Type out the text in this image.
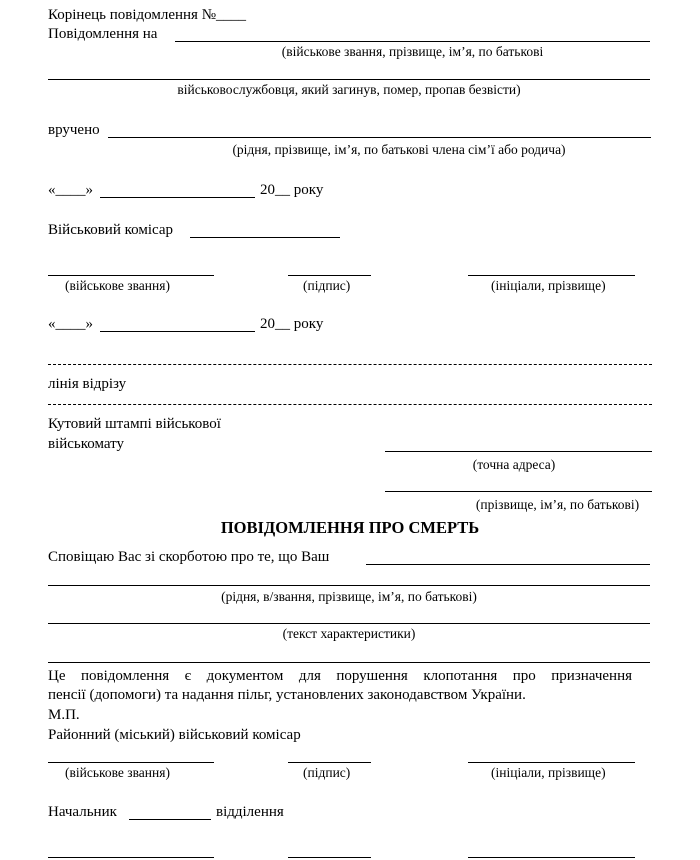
Корінець повідомлення №____
Повідомлення на
(військове звання, прізвище, ім’я, по батькові
військовослужбовця, який загинув, помер, пропав безвісти)
вручено
(рідня, прізвище, ім’я, по батькові члена сім’ї або родича)
«____»	20__ року
Військовий комісар
(військове звання)	(підпис)	(ініціали, прізвище)
«____»	20__ року
лінія відрізу
Кутовий штампі військової
військомату
(точна адреса)
(прізвище, ім’я, по батькові)
ПОВІДОМЛЕННЯ ПРО СМЕРТЬ
Сповіщаю Вас зі скорботою про те, що Ваш
(рідня, в/звання, прізвище, ім’я, по батькові)
(текст характеристики)
Це повідомлення є документом для порушення клопотання про призначення
пенсії (допомоги) та надання пільг, установлених законодавством України.
М.П.
Районний (міський) військовий комісар
(військове звання)	(підпис)	(ініціали, прізвище)
Начальник	відділення
